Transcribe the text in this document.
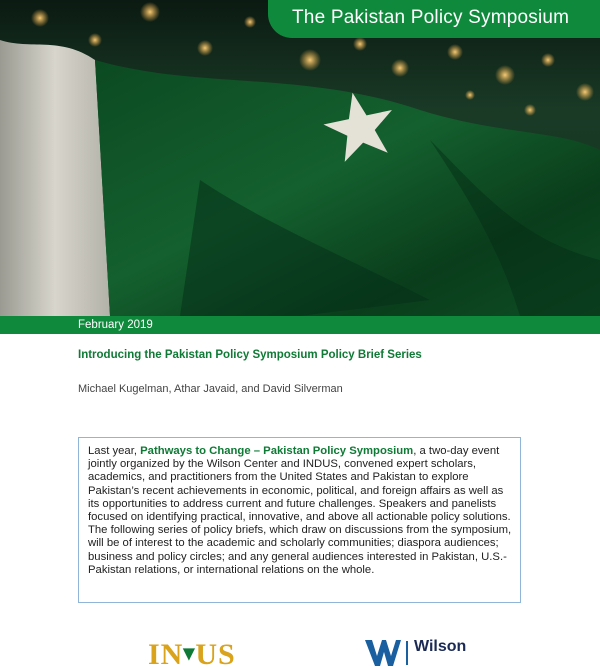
The Pakistan Policy Symposium
February 2019
Introducing the Pakistan Policy Symposium Policy Brief Series
Michael Kugelman, Athar Javaid, and David Silverman
Last year, Pathways to Change – Pakistan Policy Symposium, a two-day event jointly organized by the Wilson Center and INDUS, convened expert scholars, academics, and practitioners from the United States and Pakistan to explore Pakistan’s recent achievements in economic, political, and foreign affairs as well as its opportunities to address current and future challenges. Speakers and panelists focused on identifying practical, innovative, and above all actionable policy solutions. The following series of policy briefs, which draw on discussions from the symposium, will be of interest to the academic and scholarly communities; diaspora audiences; business and policy circles; and any general audiences interested in Pakistan, U.S.-Pakistan relations, or international relations on the whole.
IN▾US	Wilson
